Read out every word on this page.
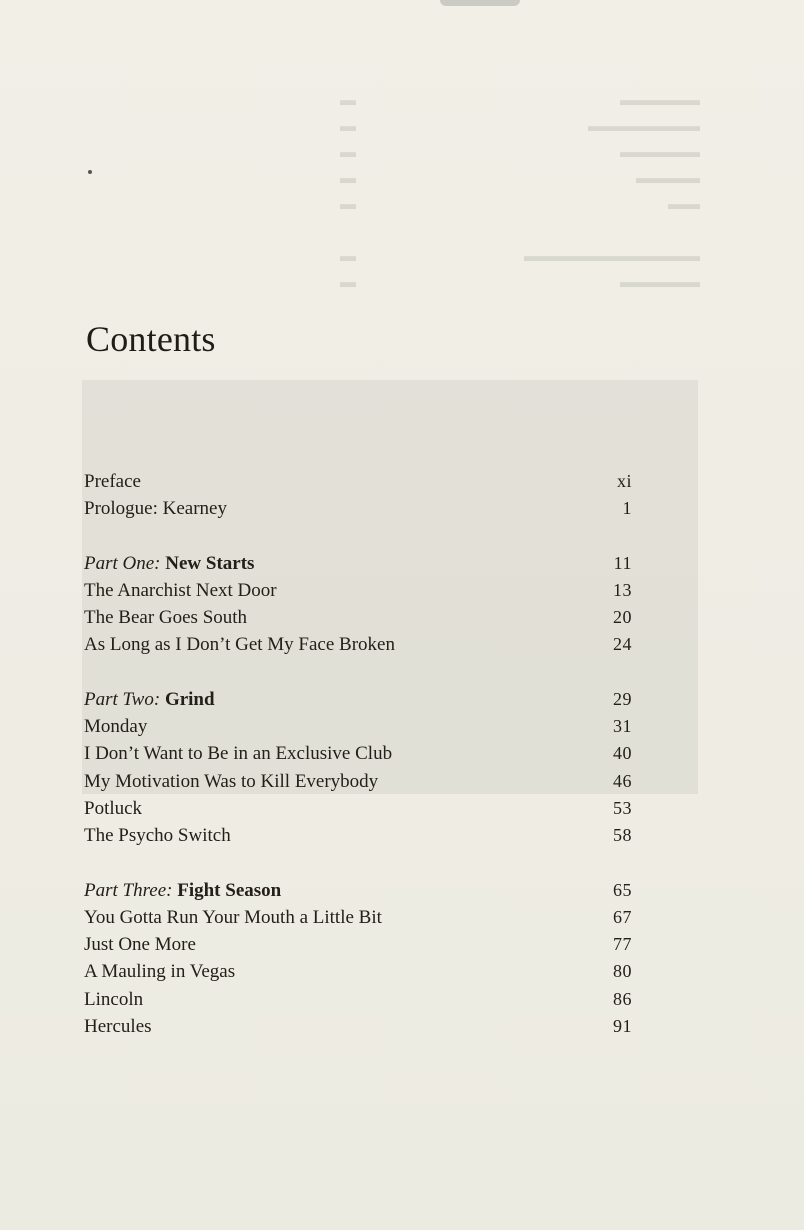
▬▬▬▬▬
▬
▬▬▬▬▬▬▬
▬
▬▬▬▬▬
▬
▬▬▬▬
▬
▬▬
▬
▬▬▬▬▬▬▬▬▬▬▬
▬
▬▬▬▬▬
▬
Contents
Preface	xi
Prologue: Kearney	1
Part One: New Starts	11
The Anarchist Next Door	13
The Bear Goes South	20
As Long as I Don’t Get My Face Broken	24
Part Two: Grind	29
Monday	31
I Don’t Want to Be in an Exclusive Club	40
My Motivation Was to Kill Everybody	46
Potluck	53
The Psycho Switch	58
Part Three: Fight Season	65
You Gotta Run Your Mouth a Little Bit	67
Just One More	77
A Mauling in Vegas	80
Lincoln	86
Hercules	91
